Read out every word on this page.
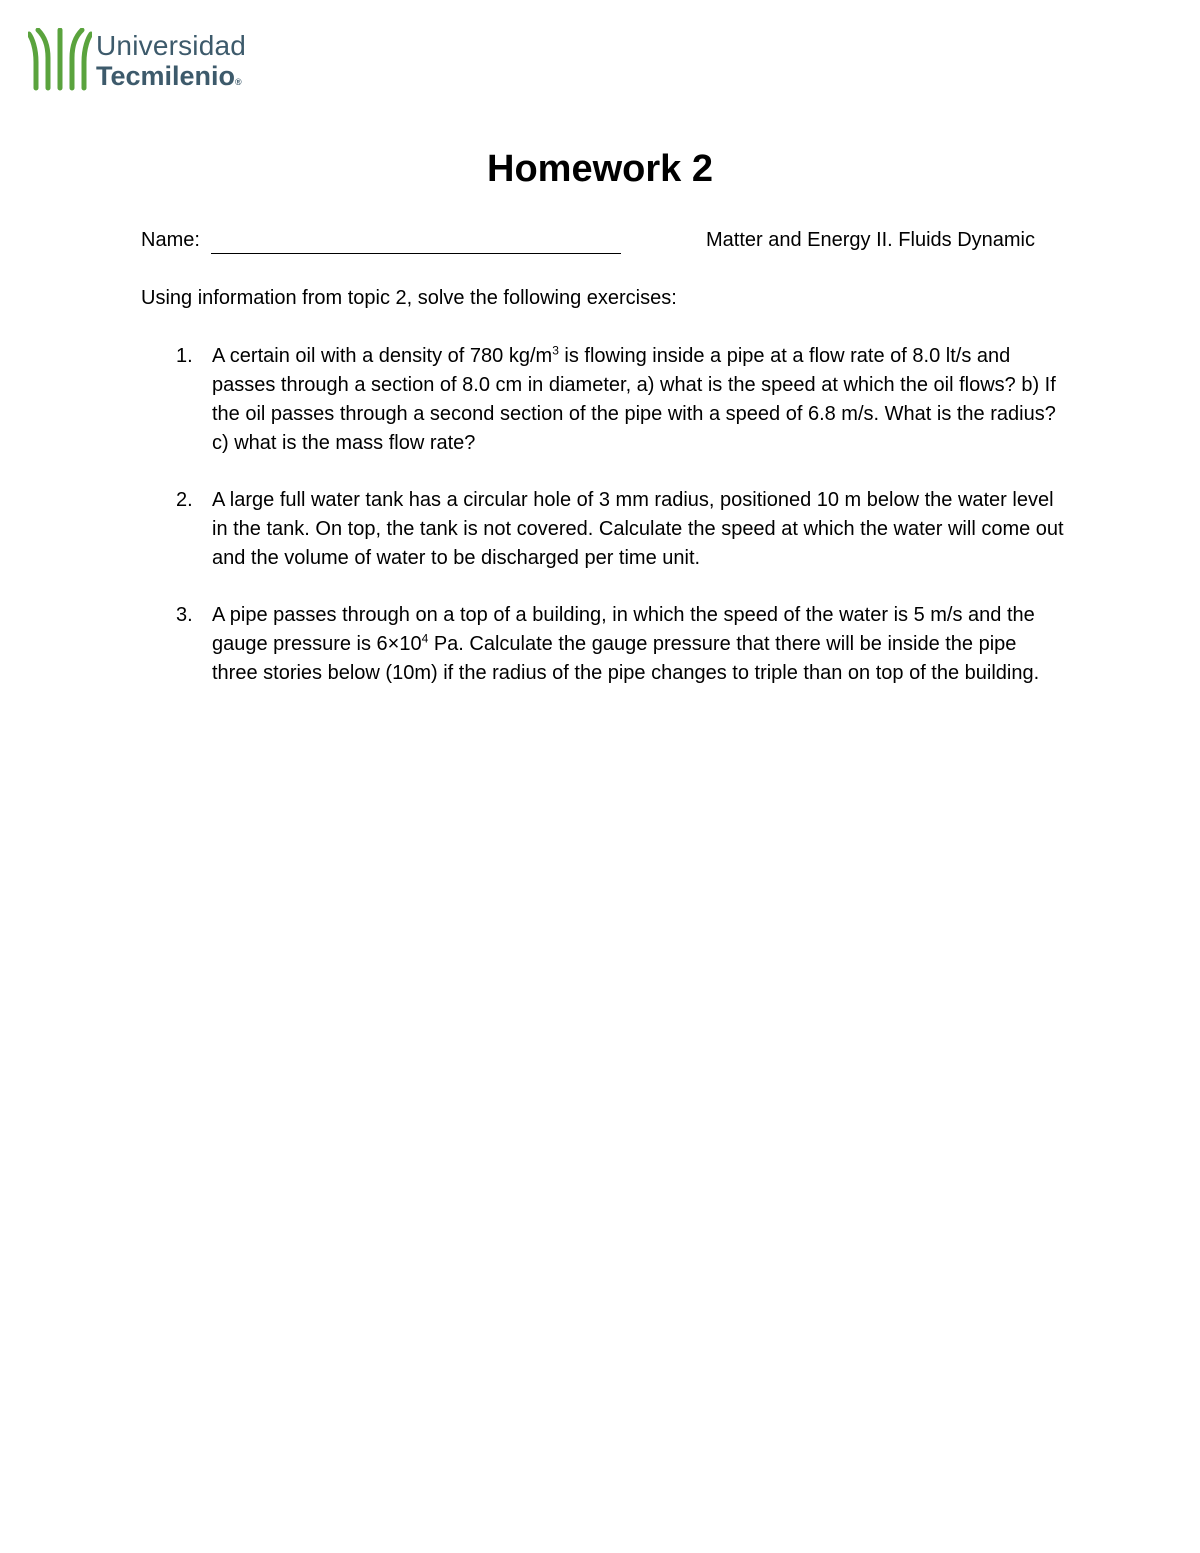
Universidad
Tecmilenio®
Homework 2
Name:	Matter and Energy II. Fluids Dynamic

Using information from topic 2, solve the following exercises:

1. A certain oil with a density of 780 $kg/m^3$ is flowing inside a pipe at a flow rate of 8.0 lt/s and passes through a section of 8.0 cm in diameter, a) what is the speed at which the oil flows? b) If the oil passes through a second section of the pipe with a speed of 6.8 m/s. What is the radius? c) what is the mass flow rate?
2. A large full water tank has a circular hole of 3 mm radius, positioned 10 m below the water level in the tank. On top, the tank is not covered. Calculate the speed at which the water will come out and the volume of water to be discharged per time unit.
3. A pipe passes through on a top of a building, in which the speed of the water is 5 m/s and the gauge pressure is $6\times 10^4$ Pa. Calculate the gauge pressure that there will be inside the pipe three stories below (10m) if the radius of the pipe changes to triple than on top of the building.
